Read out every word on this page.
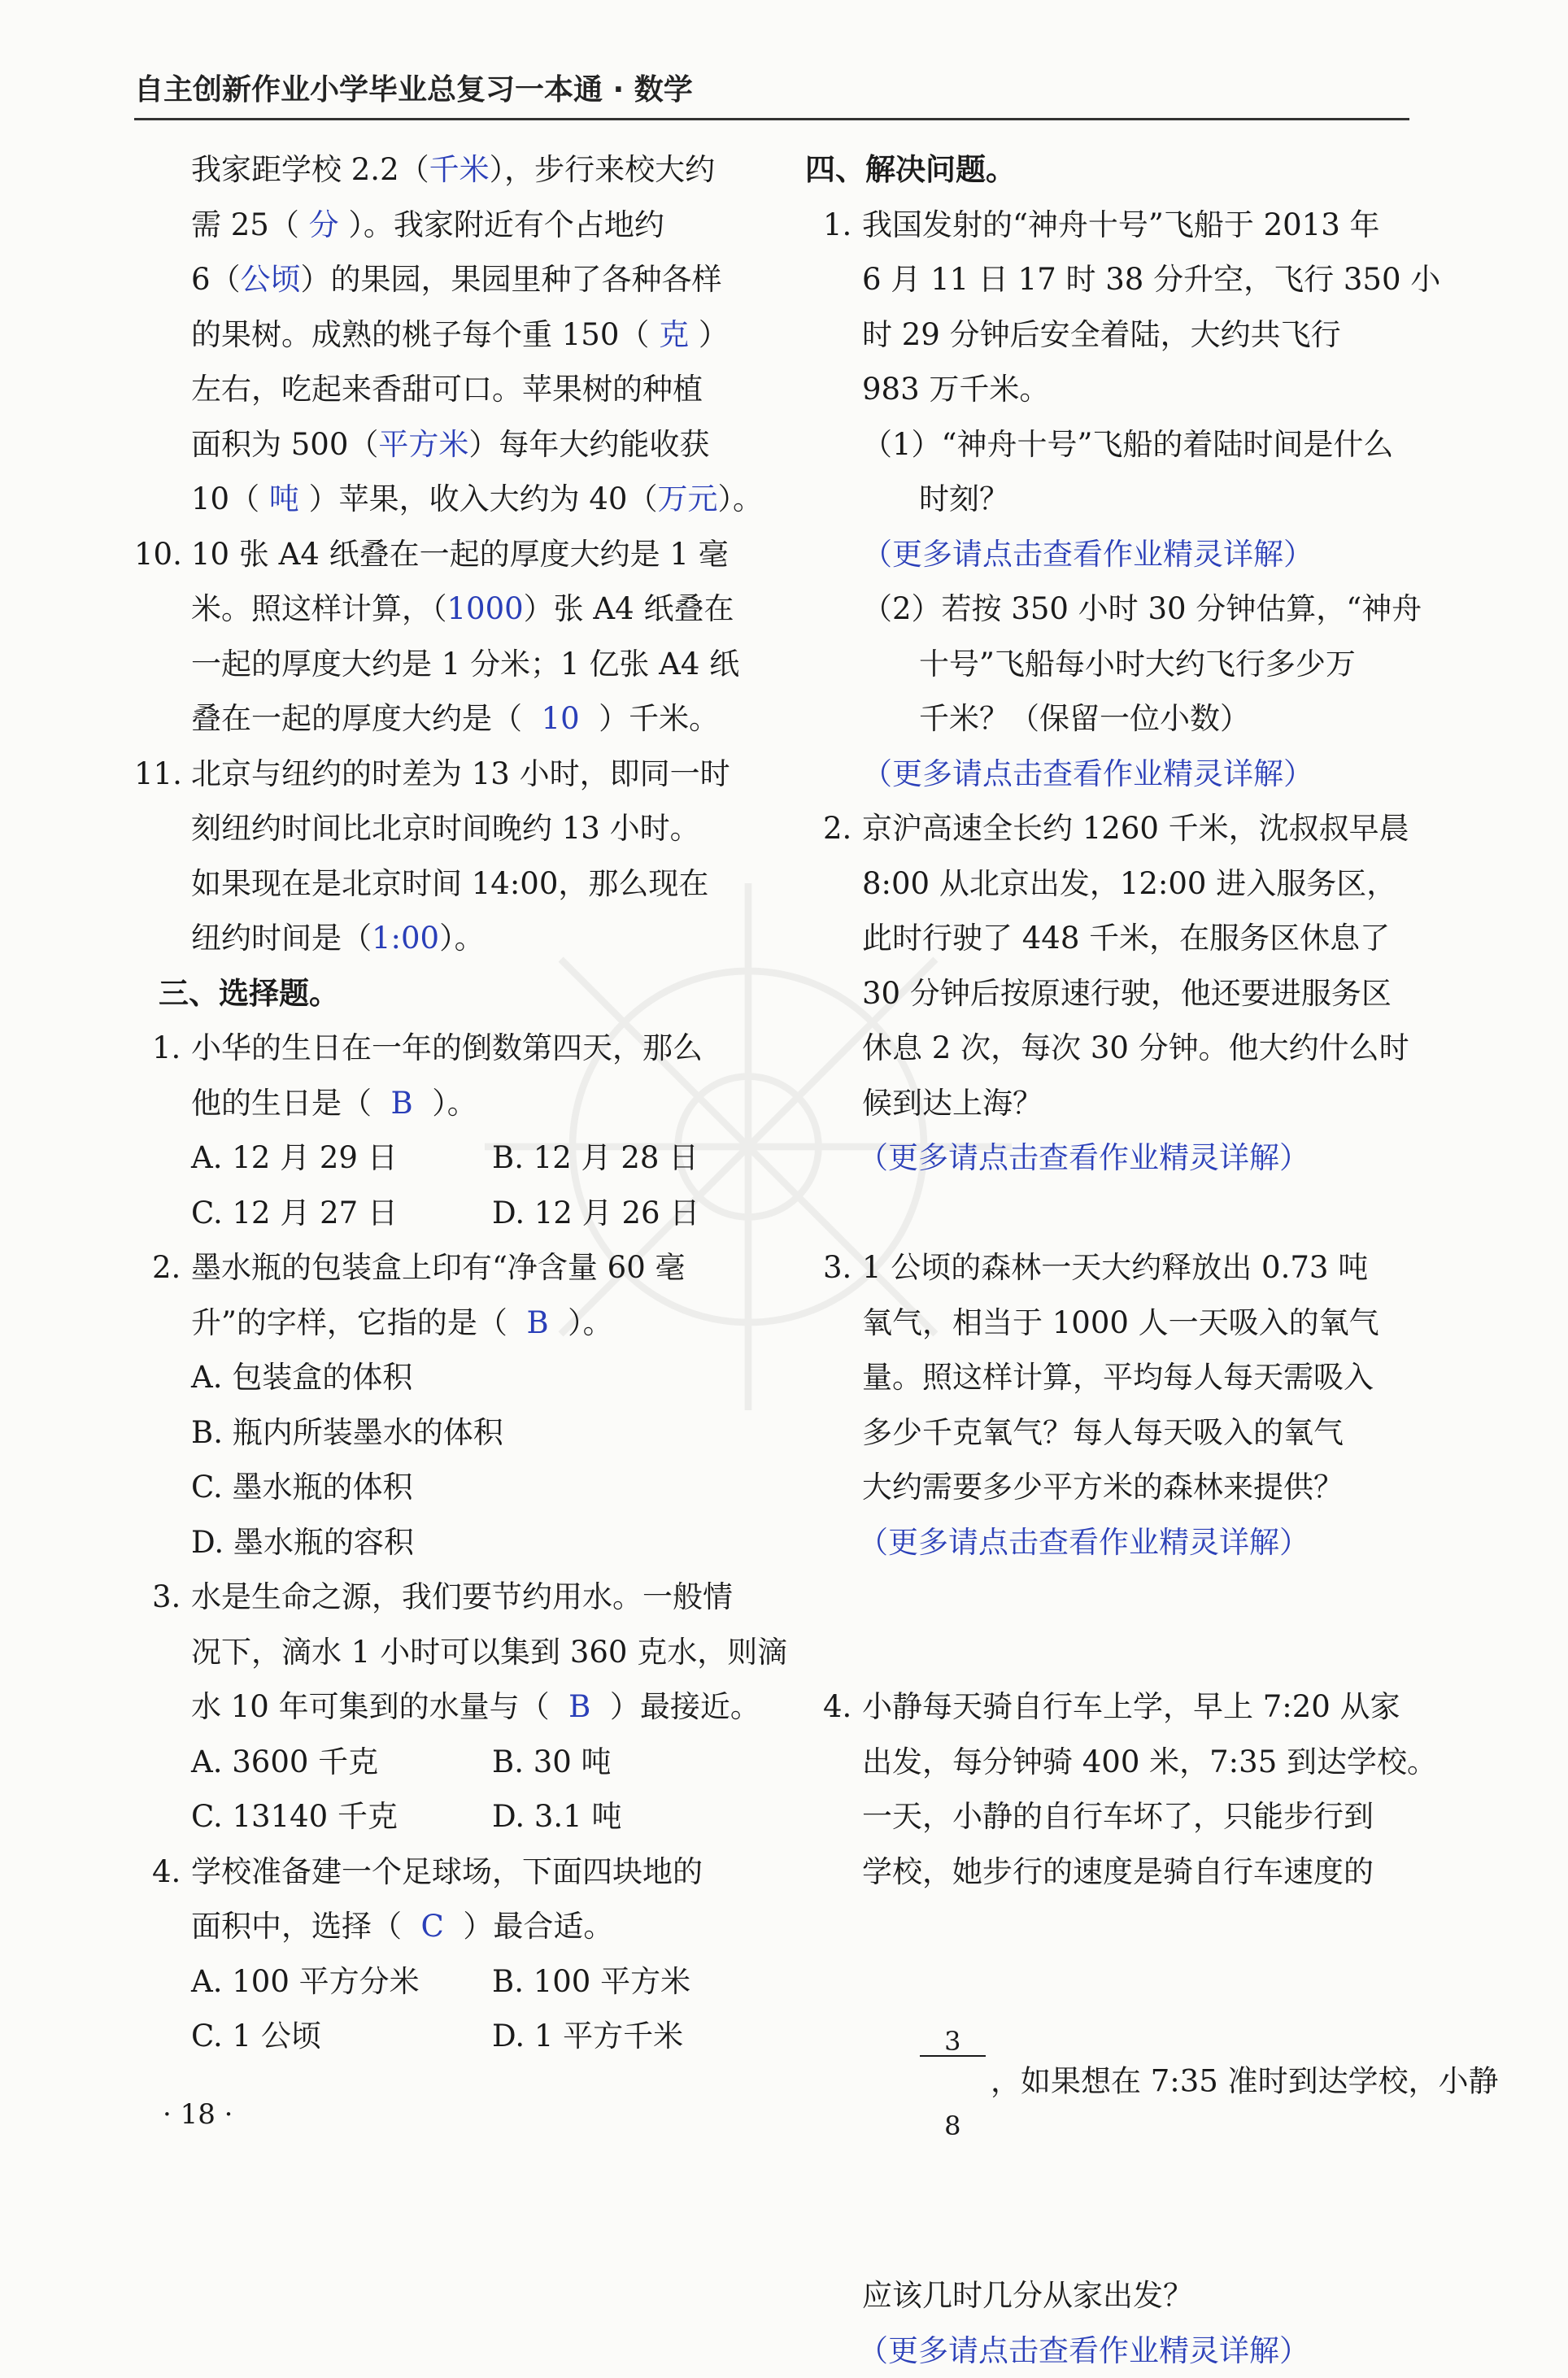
自主创新作业小学毕业总复习一本通 · 数学
我家距学校 2.2（千米），步行来校大约
需 25（ 分 ）。我家附近有个占地约
6（公顷）的果园，果园里种了各种各样
的果树。成熟的桃子每个重 150（ 克 ）
左右，吃起来香甜可口。苹果树的种植
面积为 500（平方米）每年大约能收获
10（ 吨 ）苹果，收入大约为 40（万元）。
10. 10 张 A4 纸叠在一起的厚度大约是 1 毫
米。照这样计算，（1000）张 A4 纸叠在
一起的厚度大约是 1 分米；1 亿张 A4 纸
叠在一起的厚度大约是（  10  ）千米。
11. 北京与纽约的时差为 13 小时，即同一时
刻纽约时间比北京时间晚约 13 小时。
如果现在是北京时间 14:00，那么现在
纽约时间是（1:00）。
三、选择题。
1. 小华的生日在一年的倒数第四天，那么
他的生日是（  B  ）。
A. 12 月 29 日	B. 12 月 28 日
C. 12 月 27 日	D. 12 月 26 日
2. 墨水瓶的包装盒上印有“净含量 60 毫
升”的字样，它指的是（  B  ）。
A. 包装盒的体积
B. 瓶内所装墨水的体积
C. 墨水瓶的体积
D. 墨水瓶的容积
3. 水是生命之源，我们要节约用水。一般情
况下，滴水 1 小时可以集到 360 克水，则滴
水 10 年可集到的水量与（  B  ）最接近。
A. 3600 千克	B. 30 吨
C. 13140 千克	D. 3.1 吨
4. 学校准备建一个足球场，下面四块地的
面积中，选择（  C  ）最合适。
A. 100 平方分米	B. 100 平方米
C. 1 公顷	D. 1 平方千米
四、解决问题。
1. 我国发射的“神舟十号”飞船于 2013 年
6 月 11 日 17 时 38 分升空，飞行 350 小
时 29 分钟后安全着陆，大约共飞行
983 万千米。
（1）“神舟十号”飞船的着陆时间是什么
时刻？
（更多请点击查看作业精灵详解）
（2）若按 350 小时 30 分钟估算，“神舟
十号”飞船每小时大约飞行多少万
千米？（保留一位小数）
（更多请点击查看作业精灵详解）
2. 京沪高速全长约 1260 千米，沈叔叔早晨
8:00 从北京出发，12:00 进入服务区，
此时行驶了 448 千米，在服务区休息了
30 分钟后按原速行驶，他还要进服务区
休息 2 次，每次 30 分钟。他大约什么时
候到达上海？
（更多请点击查看作业精灵详解）
3. 1 公顷的森林一天大约释放出 0.73 吨
氧气，相当于 1000 人一天吸入的氧气
量。照这样计算，平均每人每天需吸入
多少千克氧气？每人每天吸入的氧气
大约需要多少平方米的森林来提供？
（更多请点击查看作业精灵详解）
4. 小静每天骑自行车上学，早上 7:20 从家
出发，每分钟骑 400 米，7:35 到达学校。
一天，小静的自行车坏了，只能步行到
学校，她步行的速度是骑自行车速度的

$\frac{3}{8}$ ，如果想在 7:35 准时到达学校，小静

应该几时几分从家出发？
（更多请点击查看作业精灵详解）
· 18 ·
